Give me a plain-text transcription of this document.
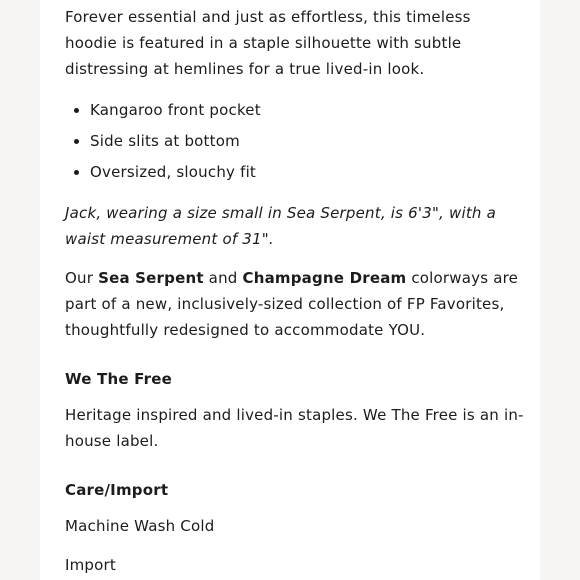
Forever essential and just as effortless, this timeless hoodie is featured in a staple silhouette with subtle distressing at hemlines for a true lived-in look.

Kangaroo front pocket
Side slits at bottom
Oversized, slouchy fit

Jack, wearing a size small in Sea Serpent, is 6'3", with a waist measurement of 31".

Our Sea Serpent and Champagne Dream colorways are part of a new, inclusively-sized collection of FP Favorites, thoughtfully redesigned to accommodate YOU.

We The Free

Heritage inspired and lived-in staples. We The Free is an in-house label.

Care/Import

Machine Wash Cold

Import
